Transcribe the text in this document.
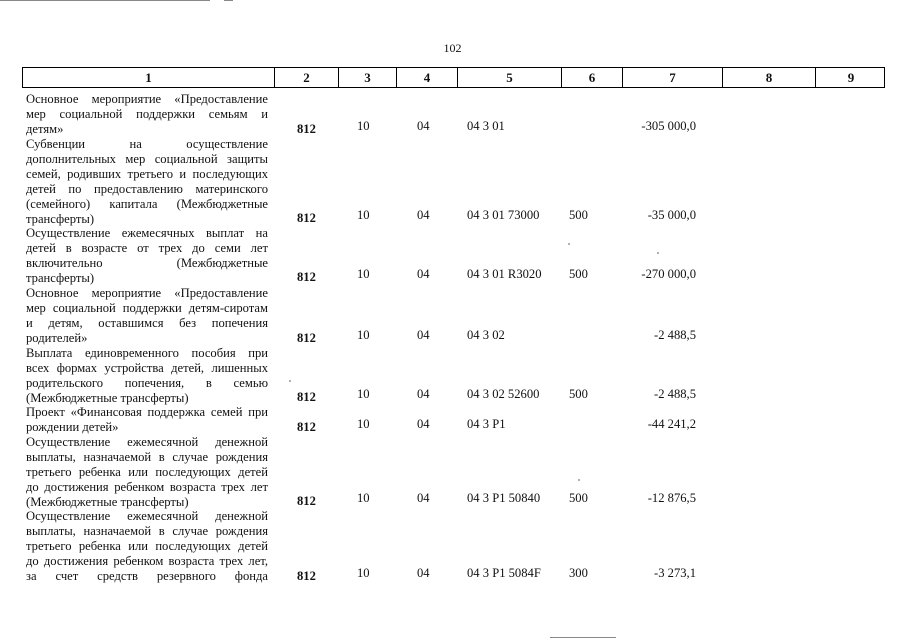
102
1	2	3	4	5	6	7	8	9
Основное мероприятие «Предоставление
мер социальной поддержки семьям и
детям»	812	10	04	04 3 01	-305 000,0
Субвенции на осуществление
дополнительных мер социальной защиты
семей, родивших третьего и последующих
детей по предоставлению материнского
(семейного) капитала (Межбюджетные
трансферты)	812	10	04	04 3 01 73000 500	-35 000,0
Осуществление ежемесячных выплат на
детей в возрасте от трех до семи лет
включительно (Межбюджетные
трансферты)	812	10	04	04 3 01 R3020 500	-270 000,0
Основное мероприятие «Предоставление
мер социальной поддержки детям-сиротам
и детям, оставшимся без попечения
родителей»	812	10	04	04 3 02	-2 488,5
Выплата единовременного пособия при
всех формах устройства детей, лишенных
родительского попечения, в семью
(Межбюджетные трансферты)	812	10	04	04 3 02 52600 500	-2 488,5
Проект «Финансовая поддержка семей при
рождении детей»	812	10	04	04 3 P1	-44 241,2
Осуществление ежемесячной денежной
выплаты, назначаемой в случае рождения
третьего ребенка или последующих детей
до достижения ребенком возраста трех лет
(Межбюджетные трансферты)	812	10	04	04 3 P1 50840 500	-12 876,5
Осуществление ежемесячной денежной
выплаты, назначаемой в случае рождения
третьего ребенка или последующих детей
до достижения ребенком возраста трех лет,
за счет средств резервного фонда 812	10	04	04 3 P1 5084F 300	-3 273,1
